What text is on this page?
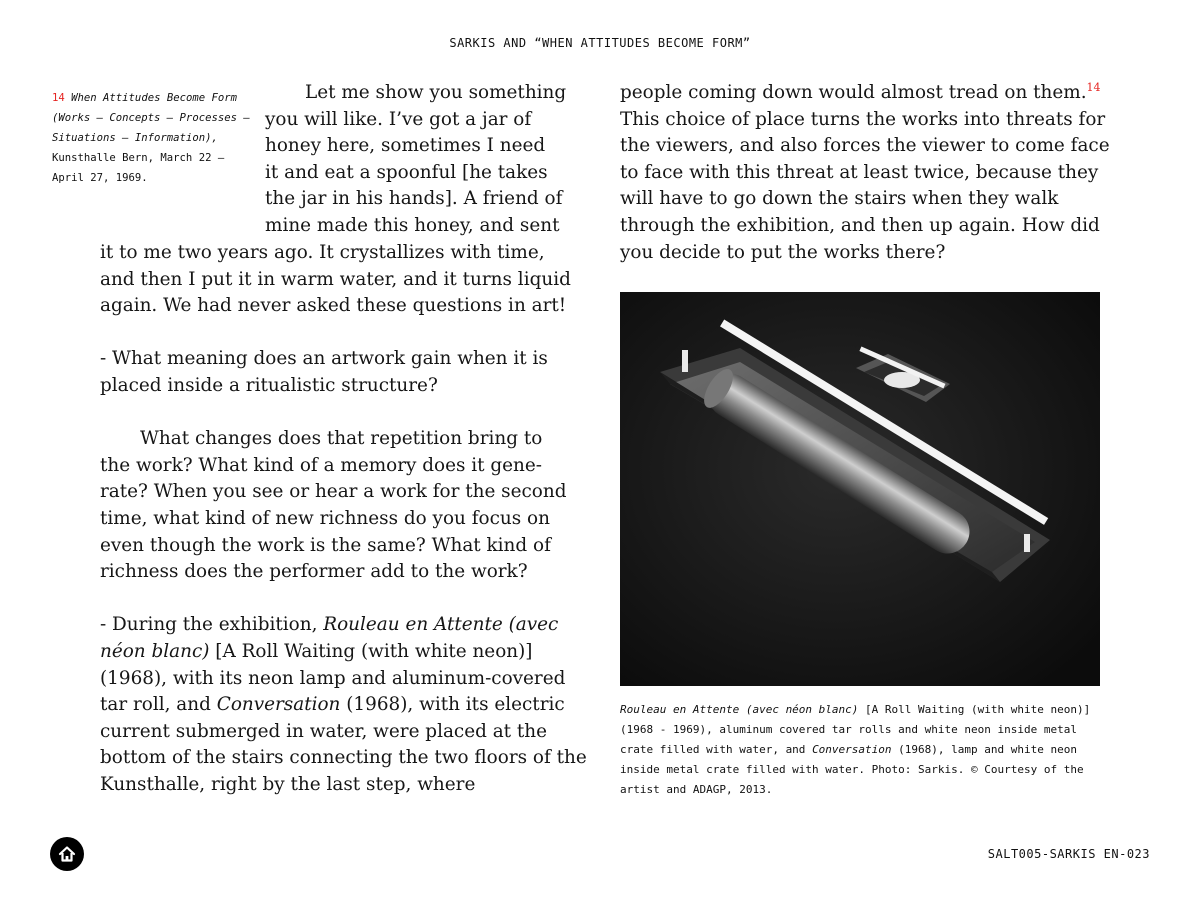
SARKIS AND “WHEN ATTITUDES BECOME FORM”
14 When Attitudes Become Form (Works – Concepts – Processes – Situations – Information), Kunsthalle Bern, March 22 – April 27, 1969.
Let me show you something
you will like. I’ve got a jar of
honey here, sometimes I need
it and eat a spoonful [he takes
the jar in his hands]. A friend of
mine made this honey, and sent
it to me two years ago. It crystallizes with time,
and then I put it in warm water, and it turns liquid
again. We had never asked these questions in art!
- What meaning does an artwork gain when it is
placed inside a ritualistic structure?
What changes does that repetition bring to
the work? What kind of a memory does it gene-
rate? When you see or hear a work for the second
time, what kind of new richness do you focus on
even though the work is the same? What kind of
richness does the performer add to the work?

- During the exhibition, Rouleau en Attente (avec néon blanc) [A Roll Waiting (with white neon)] (1968), with its neon lamp and aluminum-covered tar roll, and Conversation (1968), with its electric current submerged in water, were placed at the bottom of the stairs connecting the two floors of the Kunsthalle, right by the last step, where

people coming down would almost tread on them.$^{14}$ This choice of place turns the works into threats for the viewers, and also forces the viewer to come face to face with this threat at least twice, because they will have to go down the stairs when they walk through the exhibition, and then up again. How did you decide to put the works there?

Rouleau en Attente (avec néon blanc) [A Roll Waiting (with white neon)] (1968 - 1969), aluminum covered tar rolls and white neon inside metal crate filled with water, and Conversation (1968), lamp and white neon inside metal crate filled with water. Photo: Sarkis. © Courtesy of the artist and ADAGP, 2013.
SALT005-SARKIS EN-023
